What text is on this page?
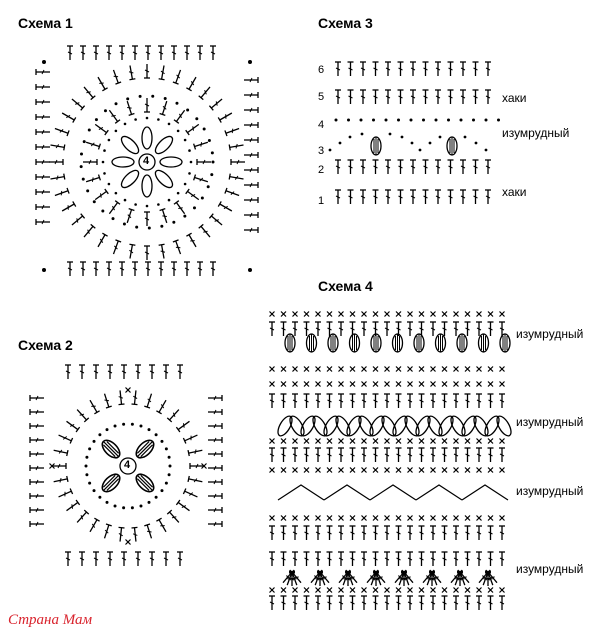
Схема 1	Схема 3
Схема 4
Схема 2
6
5
4
3
2
1
хаки
изумрудный
хаки
изумрудный
изумрудный
изумрудный
изумрудный
Страна Мам
4
4
